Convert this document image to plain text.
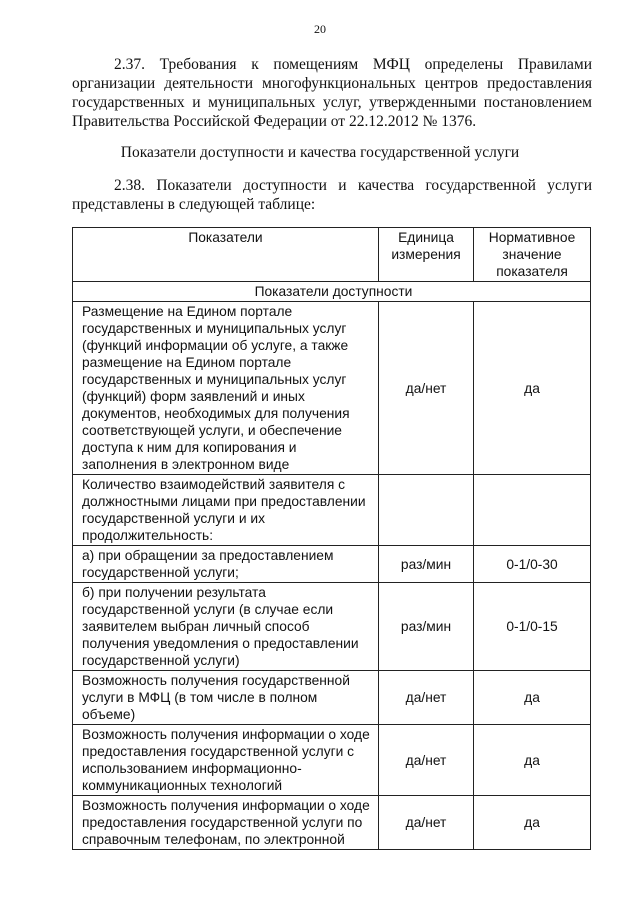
20
2.37. Требования к помещениям МФЦ определены Правилами
организации деятельности многофункциональных центров предоставления
государственных и муниципальных услуг, утвержденными постановлением
Правительства Российской Федерации от 22.12.2012 № 1376.
Показатели доступности и качества государственной услуги
2.38. Показатели доступности и качества государственной услуги
представлены в следующей таблице:
Показатели	Единица измерения	Нормативное значение показателя
Показатели доступности		
Размещение на Едином портале государственных и муниципальных услуг (функций информации об услуге, а также размещение на Едином портале государственных и муниципальных услуг (функций) форм заявлений и иных документов, необходимых для получения соответствующей услуги, и обеспечение доступа к ним для копирования и заполнения в электронном виде	да/нет	да
Количество взаимодействий заявителя с должностными лицами при предоставлении государственной услуги и их продолжительность:		
а) при обращении за предоставлением государственной услуги;	раз/мин	0-1/0-30
б) при получении результата государственной услуги (в случае если заявителем выбран личный способ получения уведомления о предоставлении государственной услуги)	раз/мин	0-1/0-15
Возможность получения государственной услуги в МФЦ (в том числе в полном объеме)	да/нет	да
Возможность получения информации о ходе предоставления государственной услуги с использованием информационно-коммуникационных технологий	да/нет	да
Возможность получения информации о ходе предоставления государственной услуги по справочным телефонам, по электронной	да/нет	да
